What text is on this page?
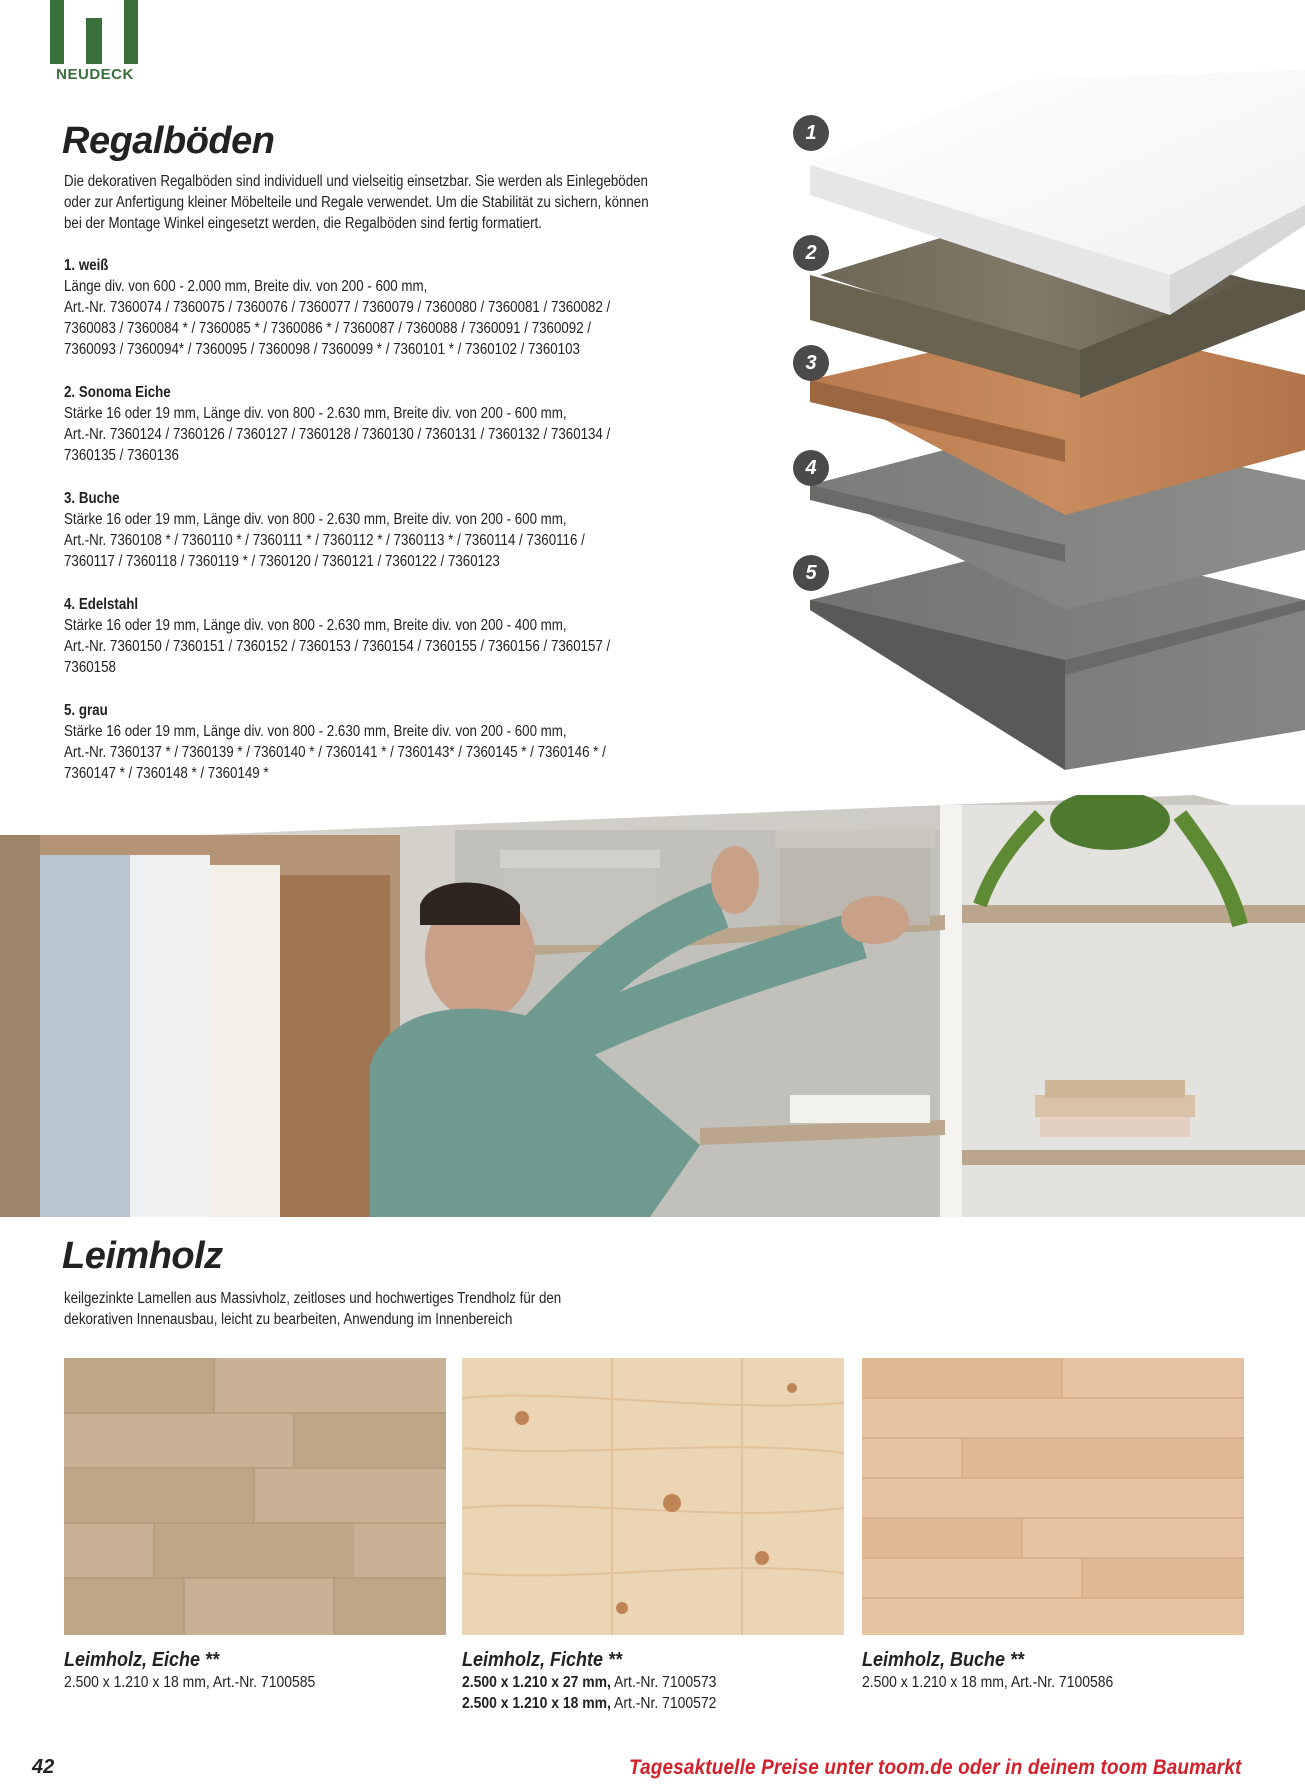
NEUDECK
Regalböden

Die dekorativen Regalböden sind individuell und vielseitig einsetzbar. Sie werden als Einlegeböden oder zur Anfertigung kleiner Möbelteile und Regale verwendet. Um die Stabilität zu sichern, können bei der Montage Winkel eingesetzt werden, die Regalböden sind fertig formatiert.

1. weiß
Länge div. von 600 - 2.000 mm, Breite div. von 200 - 600 mm,
Art.-Nr. 7360074 / 7360075 / 7360076 / 7360077 / 7360079 / 7360080 / 7360081 / 7360082 /
7360083 / 7360084 * / 7360085 * / 7360086 * / 7360087 / 7360088 / 7360091 / 7360092 /
7360093 / 7360094* / 7360095 / 7360098 / 7360099 * / 7360101 * / 7360102 / 7360103
2. Sonoma Eiche
Stärke 16 oder 19 mm, Länge div. von 800 - 2.630 mm, Breite div. von 200 - 600 mm,
Art.-Nr. 7360124 / 7360126 / 7360127 / 7360128 / 7360130 / 7360131 / 7360132 / 7360134 /
7360135 / 7360136
3. Buche
Stärke 16 oder 19 mm, Länge div. von 800 - 2.630 mm, Breite div. von 200 - 600 mm,
Art.-Nr. 7360108 * / 7360110 * / 7360111 * / 7360112 * / 7360113 * / 7360114 / 7360116 /
7360117 / 7360118 / 7360119 * / 7360120 / 7360121 / 7360122 / 7360123
4. Edelstahl
Stärke 16 oder 19 mm, Länge div. von 800 - 2.630 mm, Breite div. von 200 - 400 mm,
Art.-Nr. 7360150 / 7360151 / 7360152 / 7360153 / 7360154 / 7360155 / 7360156 / 7360157 /
7360158
5. grau
Stärke 16 oder 19 mm, Länge div. von 800 - 2.630 mm, Breite div. von 200 - 600 mm,
Art.-Nr. 7360137 * / 7360139 * / 7360140 * / 7360141 * / 7360143* / 7360145 * / 7360146 * /
7360147 * / 7360148 * / 7360149 *
1
2
3
4
5
Leimholz
keilgezinkte Lamellen aus Massivholz, zeitloses und hochwertiges Trendholz für den
dekorativen Innenausbau, leicht zu bearbeiten, Anwendung im Innenbereich
Leimholz, Eiche **
2.500 x 1.210 x 18 mm, Art.-Nr. 7100585
Leimholz, Fichte **
2.500 x 1.210 x 27 mm, Art.-Nr. 7100573
2.500 x 1.210 x 18 mm, Art.-Nr. 7100572
Leimholz, Buche **
2.500 x 1.210 x 18 mm, Art.-Nr. 7100586
42	Tagesaktuelle Preise unter toom.de oder in deinem toom Baumarkt
